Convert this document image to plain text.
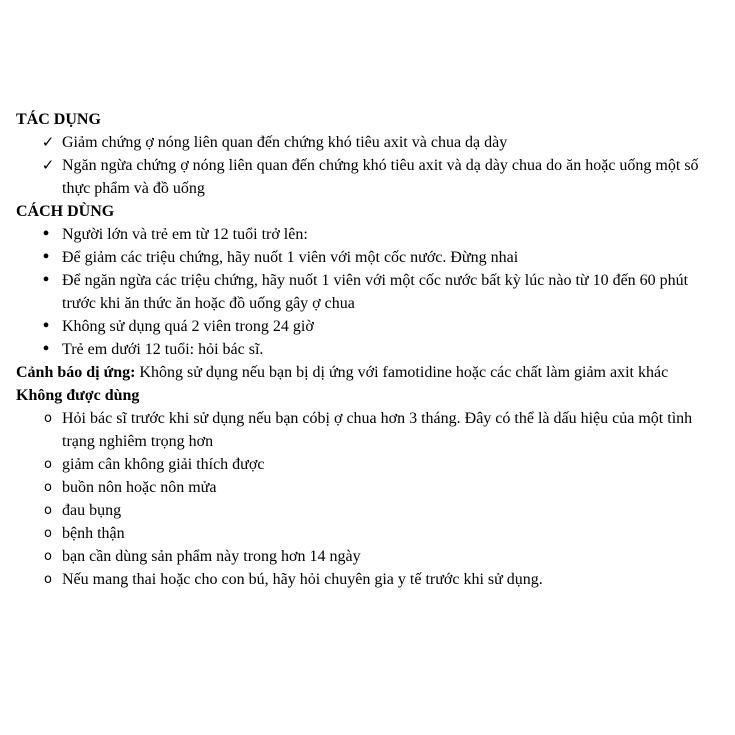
TÁC DỤNG

✓ Giảm chứng ợ nóng liên quan đến chứng khó tiêu axit và chua dạ dày
✓ Ngăn ngừa chứng ợ nóng liên quan đến chứng khó tiêu axit và dạ dày chua do ăn hoặc uống một số thực phẩm và đồ uống

CÁCH DÙNG

• Người lớn và trẻ em từ 12 tuổi trở lên:
• Để giảm các triệu chứng, hãy nuốt 1 viên với một cốc nước. Đừng nhai
• Để ngăn ngừa các triệu chứng, hãy nuốt 1 viên với một cốc nước bất kỳ lúc nào từ 10 đến 60 phút trước khi ăn thức ăn hoặc đồ uống gây ợ chua
• Không sử dụng quá 2 viên trong 24 giờ
• Trẻ em dưới 12 tuổi: hỏi bác sĩ.

Cảnh báo dị ứng: Không sử dụng nếu bạn bị dị ứng với famotidine hoặc các chất làm giảm axit khác

Không được dùng

o Hỏi bác sĩ trước khi sử dụng nếu bạn cóbị ợ chua hơn 3 tháng. Đây có thể là dấu hiệu của một tình trạng nghiêm trọng hơn
o giảm cân không giải thích được
o buồn nôn hoặc nôn mửa
o đau bụng
o bệnh thận
o bạn cần dùng sản phẩm này trong hơn 14 ngày
o Nếu mang thai hoặc cho con bú, hãy hỏi chuyên gia y tế trước khi sử dụng.
